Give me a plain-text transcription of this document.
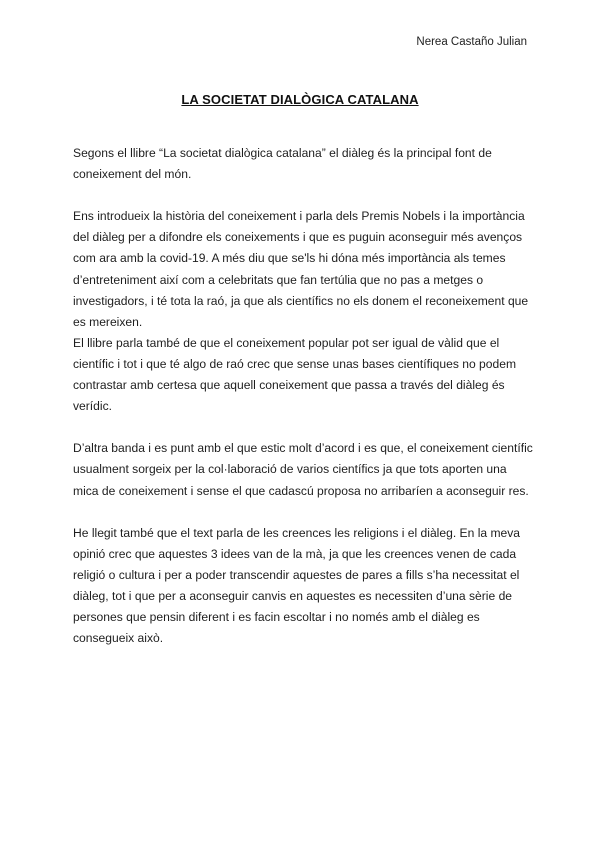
Nerea Castaño Julian
LA SOCIETAT DIALÒGICA CATALANA

Segons el llibre “La societat dialògica catalana” el diàleg és la principal font de coneixement del món.

Ens introdueix la història del coneixement i parla dels Premis Nobels i la importància del diàleg per a difondre els coneixements i que es puguin aconseguir més avenços com ara amb la covid-19. A més diu que se'ls hi dóna més importància als temes d’entreteniment així com a celebritats que fan tertúlia que no pas a metges o investigadors, i té tota la raó, ja que als científics no els donem el reconeixement que es mereixen.

El llibre parla també de que el coneixement popular pot ser igual de vàlid que el científic i tot i que té algo de raó crec que sense unas bases científiques no podem contrastar amb certesa que aquell coneixement que passa a través del diàleg és verídic.

D’altra banda i es punt amb el que estic molt d’acord i es que, el coneixement científic usualment sorgeix per la col·laboració de varios científics ja que tots aporten una mica de coneixement i sense el que cadascú proposa no arribaríen a aconseguir res.

He llegit també que el text parla de les creences les religions i el diàleg. En la meva opinió crec que aquestes 3 idees van de la mà, ja que les creences venen de cada religió o cultura i per a poder transcendir aquestes de pares a fills s’ha necessitat el diàleg, tot i que per a aconseguir canvis en aquestes es necessiten d’una sèrie de persones que pensin diferent i es facin escoltar i no només amb el diàleg es consegueix això.
